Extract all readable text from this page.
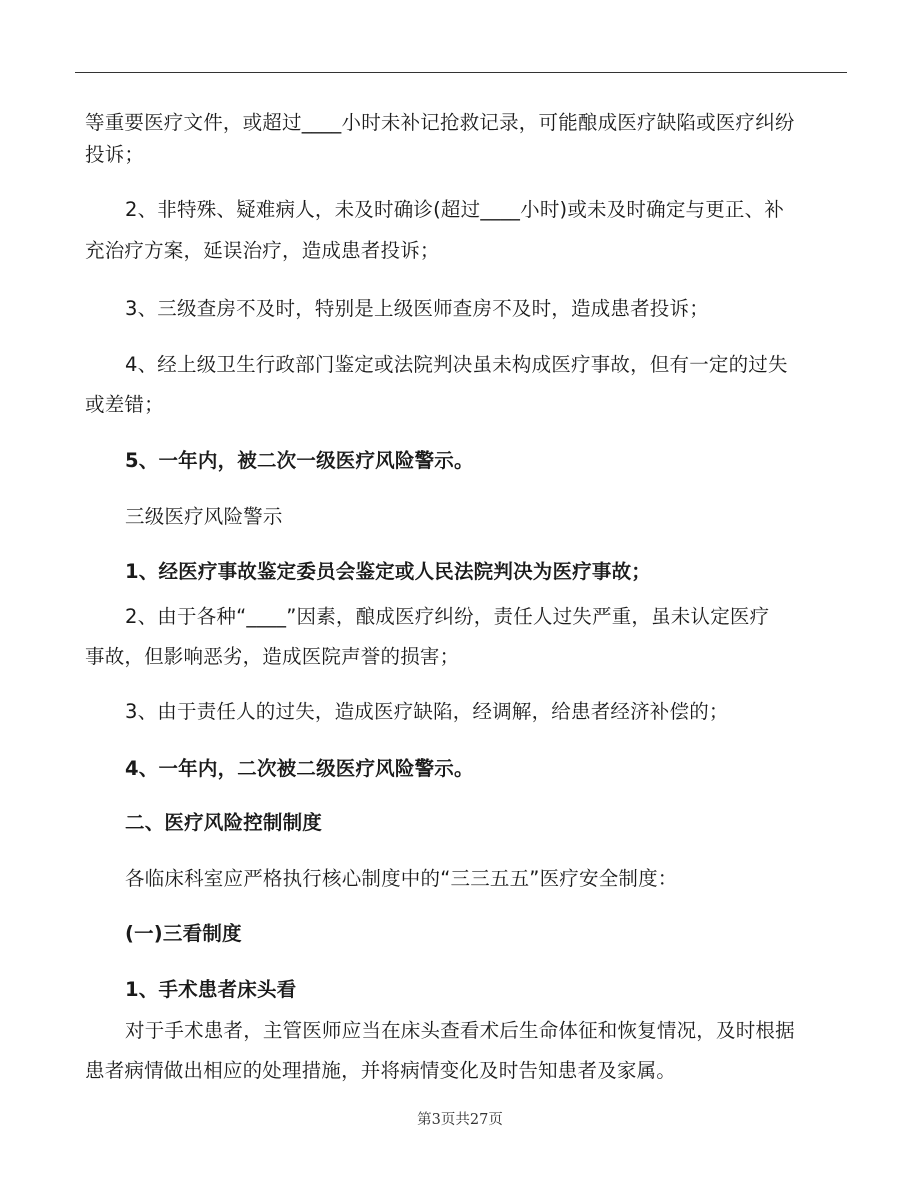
等重要医疗文件，或超过____小时未补记抢救记录，可能酿成医疗缺陷或医疗纠纷
投诉；
2、非特殊、疑难病人，未及时确诊(超过____小时)或未及时确定与更正、补
充治疗方案，延误治疗，造成患者投诉；
3、三级查房不及时，特别是上级医师查房不及时，造成患者投诉；
4、经上级卫生行政部门鉴定或法院判决虽未构成医疗事故，但有一定的过失
或差错；
5、一年内，被二次一级医疗风险警示。
三级医疗风险警示
1、经医疗事故鉴定委员会鉴定或人民法院判决为医疗事故；
2、由于各种“____”因素，酿成医疗纠纷，责任人过失严重，虽未认定医疗
事故，但影响恶劣，造成医院声誉的损害；
3、由于责任人的过失，造成医疗缺陷，经调解，给患者经济补偿的；
4、一年内，二次被二级医疗风险警示。
二、医疗风险控制制度
各临床科室应严格执行核心制度中的“三三五五”医疗安全制度：
(一)三看制度
1、手术患者床头看
对于手术患者，主管医师应当在床头查看术后生命体征和恢复情况，及时根据
患者病情做出相应的处理措施，并将病情变化及时告知患者及家属。
第3页共27页
